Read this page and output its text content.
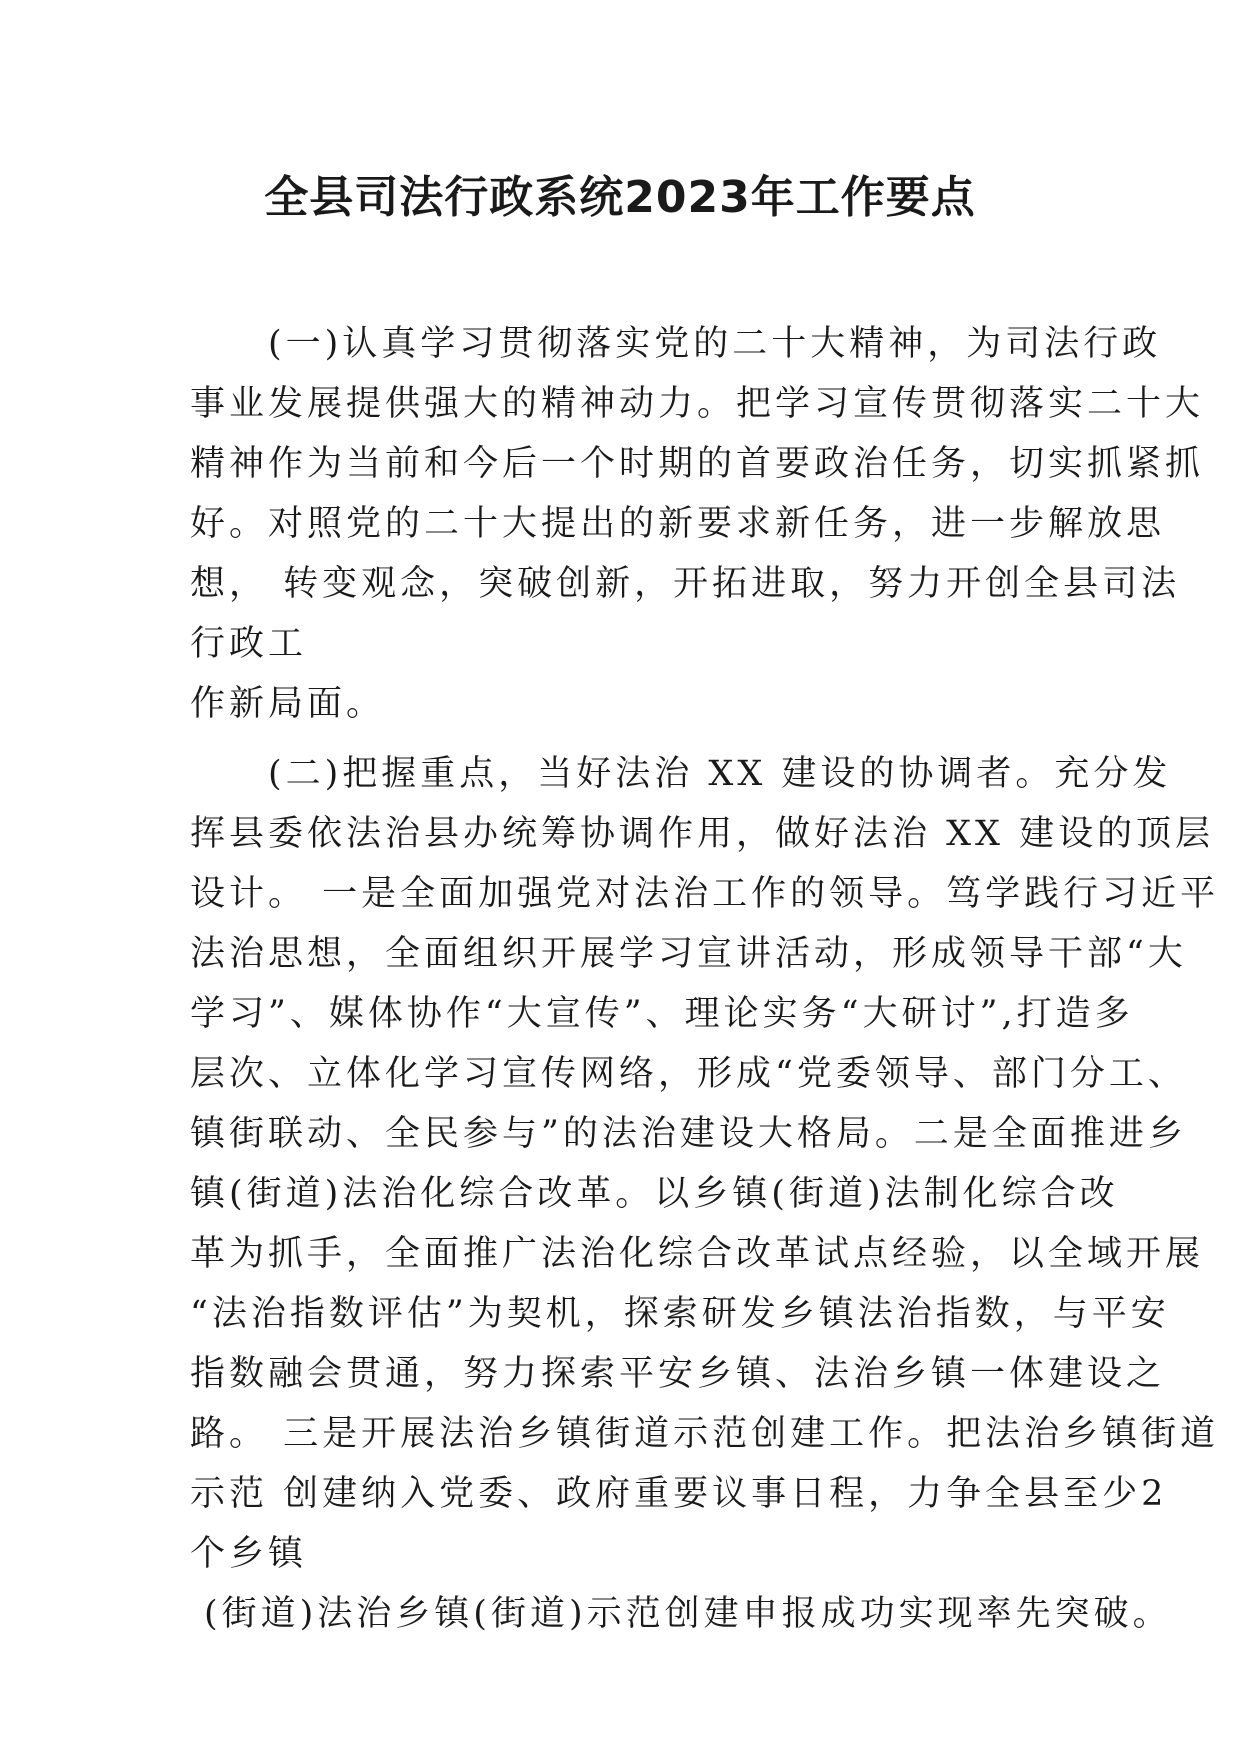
全县司法行政系统2023年工作要点
(一)认真学习贯彻落实党的二十大精神，为司法行政
事业发展提供强大的精神动力。把学习宣传贯彻落实二十大
精神作为当前和今后一个时期的首要政治任务，切实抓紧抓
好。对照党的二十大提出的新要求新任务，进一步解放思
想， 转变观念，突破创新，开拓进取，努力开创全县司法
行政工
作新局面。
(二)把握重点，当好法治 XX 建设的协调者。充分发
挥县委依法治县办统筹协调作用，做好法治 XX 建设的顶层
设计。 一是全面加强党对法治工作的领导。笃学践行习近平
法治思想，全面组织开展学习宣讲活动，形成领导干部“大
学习”、媒体协作“大宣传”、理论实务“大研讨”,打造多
层次、立体化学习宣传网络，形成“党委领导、部门分工、
镇街联动、全民参与”的法治建设大格局。二是全面推进乡
镇(街道)法治化综合改革。以乡镇(街道)法制化综合改
革为抓手，全面推广法治化综合改革试点经验，以全域开展
“法治指数评估”为契机，探索研发乡镇法治指数，与平安
指数融会贯通，努力探索平安乡镇、法治乡镇一体建设之
路。 三是开展法治乡镇街道示范创建工作。把法治乡镇街道
示范 创建纳入党委、政府重要议事日程，力争全县至少2
个乡镇
(街道)法治乡镇(街道)示范创建申报成功实现率先突破。
